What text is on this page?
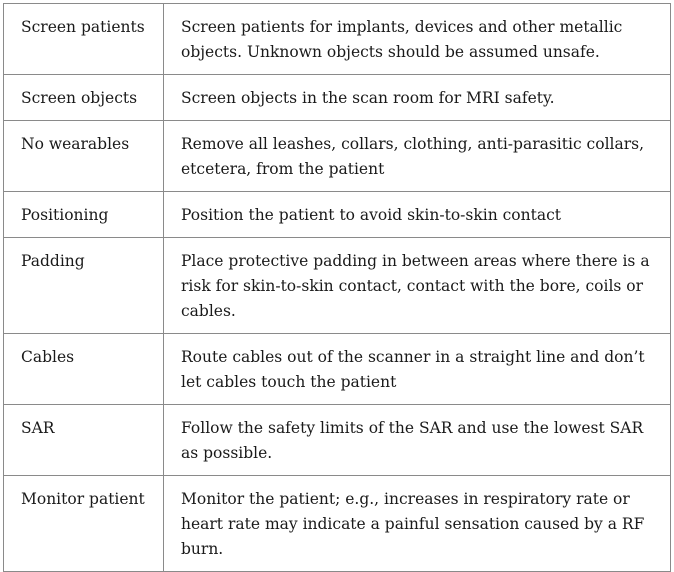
Screen patients	Screen patients for implants, devices and other metallic objects. Unknown objects should be assumed unsafe.
Screen objects	Screen objects in the scan room for MRI safety.
No wearables	Remove all leashes, collars, clothing, anti-parasitic collars, etcetera, from the patient
Positioning	Position the patient to avoid skin-to-skin contact
Padding	Place protective padding in between areas where there is a risk for skin-to-skin contact, contact with the bore, coils or cables.
Cables	Route cables out of the scanner in a straight line and don’t let cables touch the patient
SAR	Follow the safety limits of the SAR and use the lowest SAR as possible.
Monitor patient	Monitor the patient; e.g., increases in respiratory rate or heart rate may indicate a painful sensation caused by a RF burn.
